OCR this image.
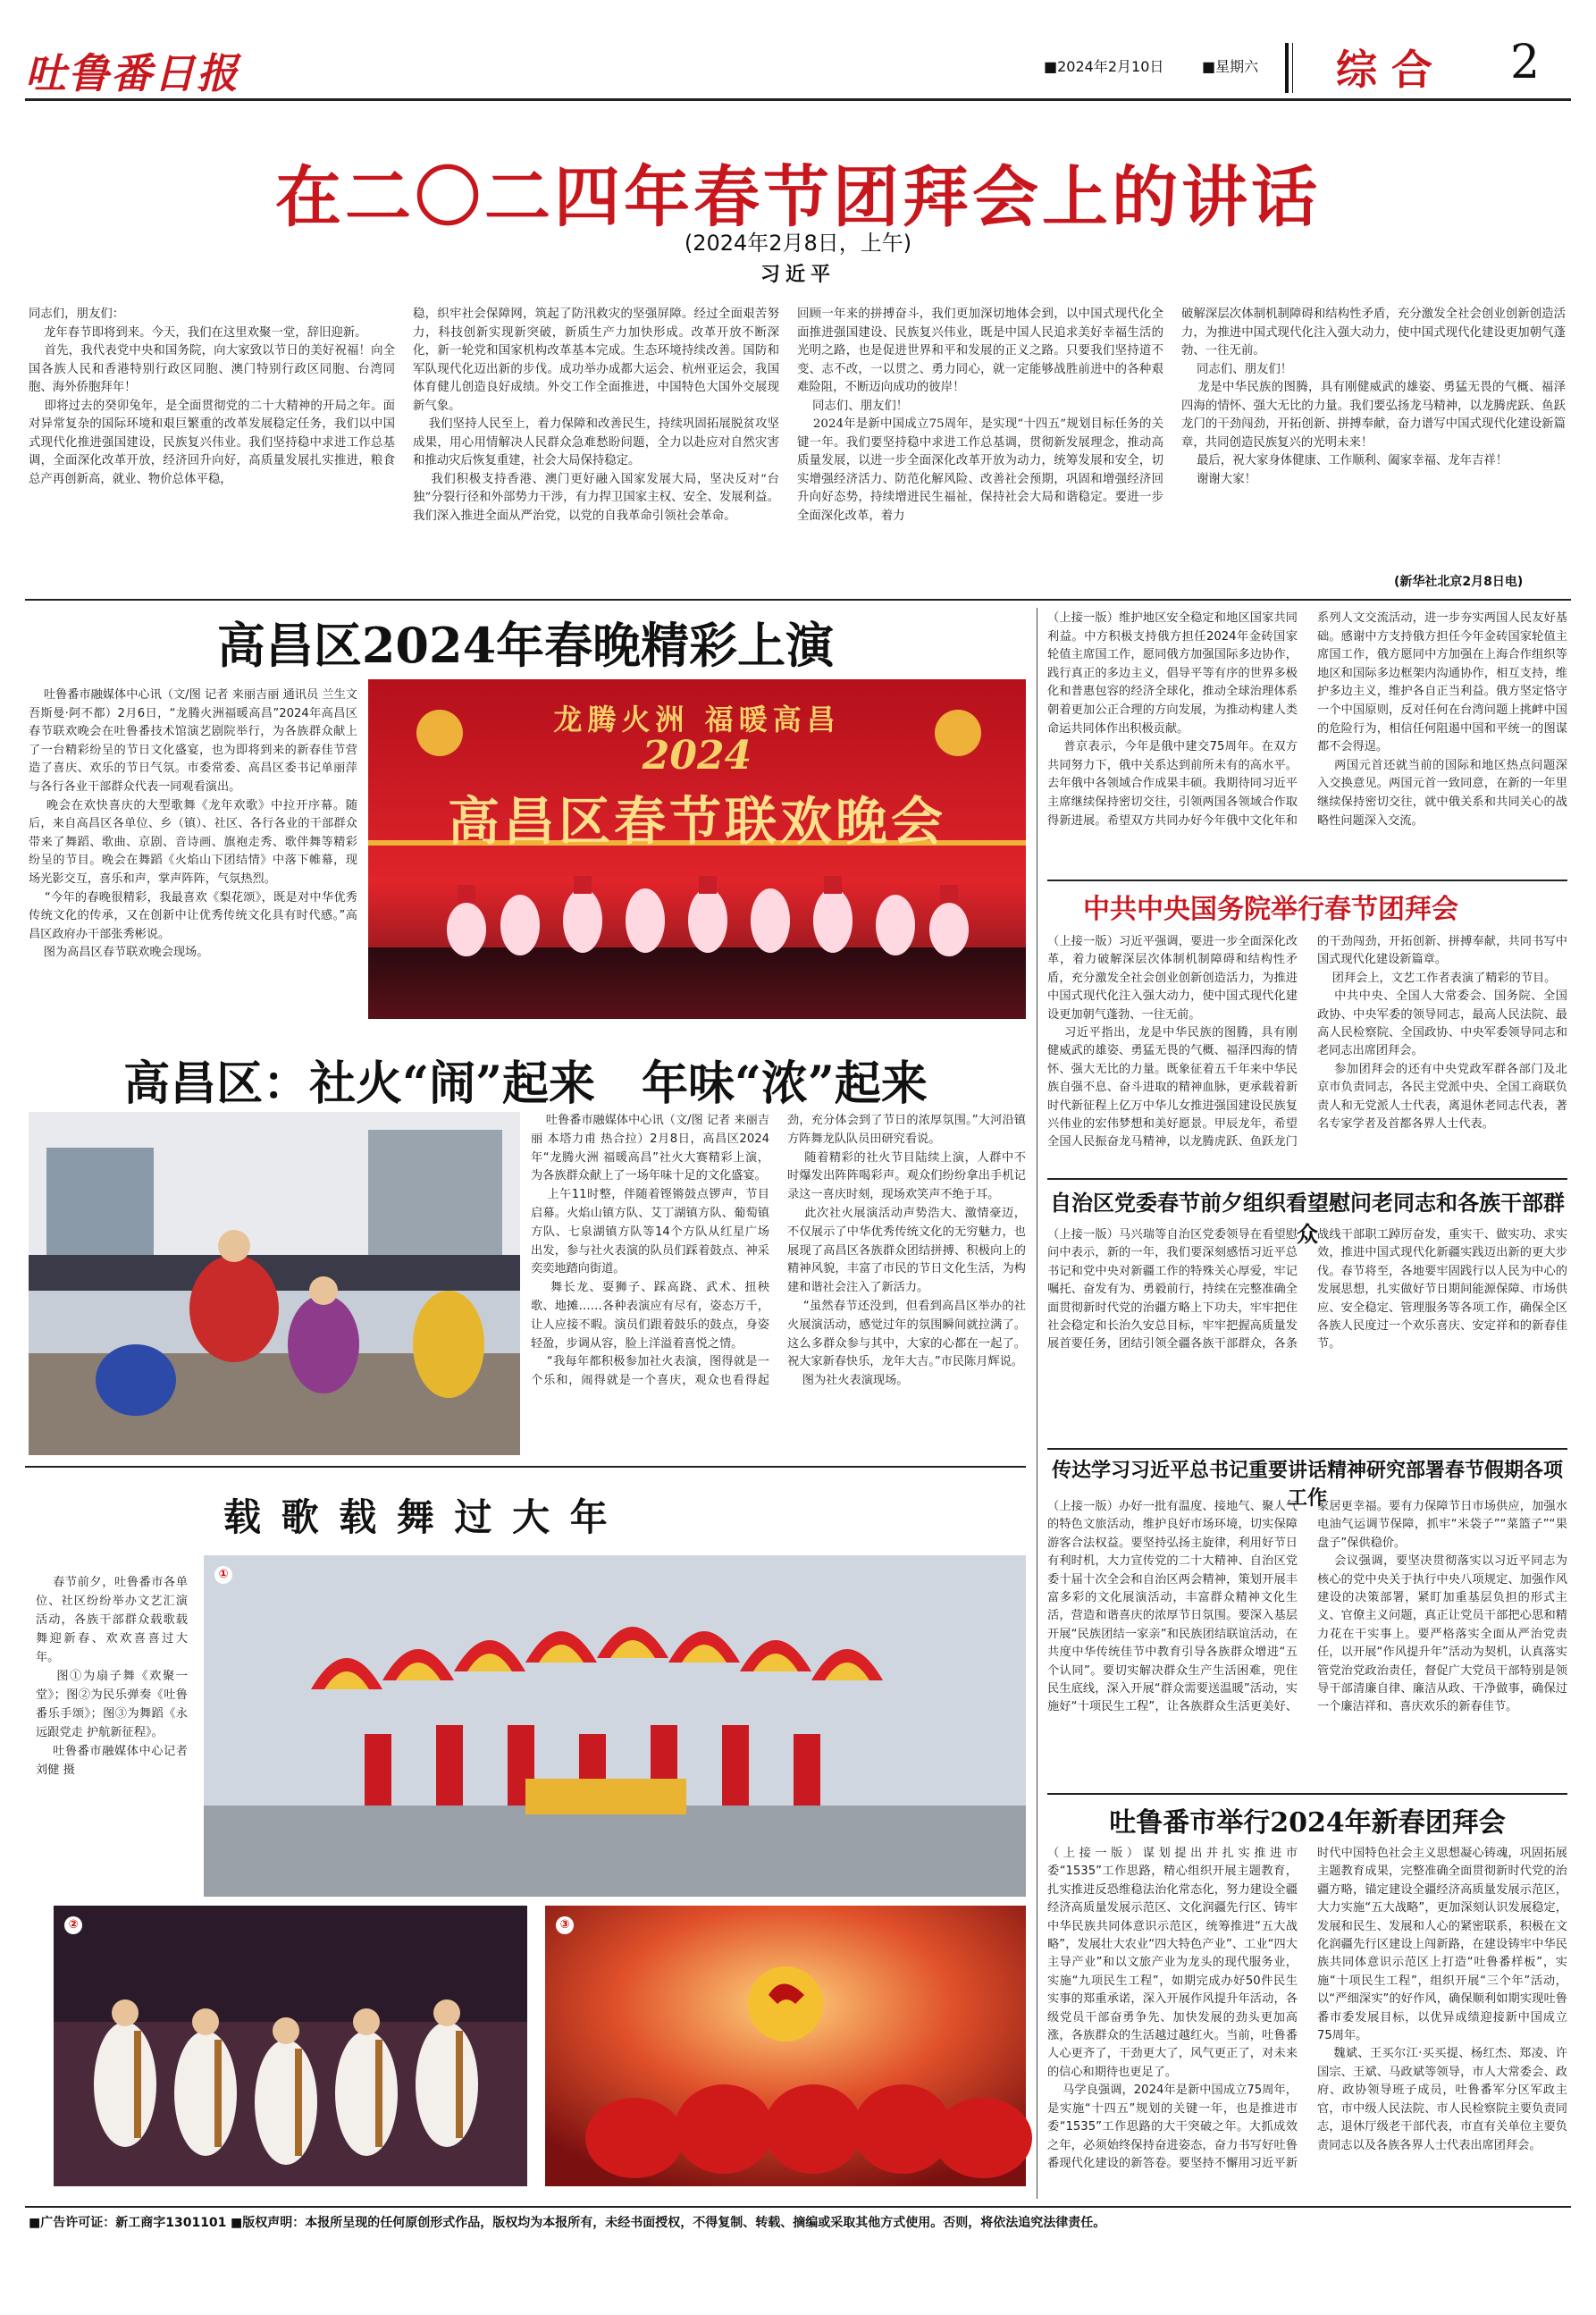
吐鲁番日报	■2024年2月10日	■星期六 综 合 2
在二〇二四年春节团拜会上的讲话
(2024年2月8日，上午)
习近平
同志们，朋友们：
龙年春节即将到来。今天，我们在这里欢聚一堂，辞旧迎新。
首先，我代表党中央和国务院，向大家致以节日的美好祝福！向全国各族人民和香港特别行政区同胞、澳门特别行政区同胞、台湾同胞、海外侨胞拜年！
即将过去的癸卯兔年，是全面贯彻党的二十大精神的开局之年。面对异常复杂的国际环境和艰巨繁重的改革发展稳定任务，我们以中国式现代化推进强国建设，民族复兴伟业。我们坚持稳中求进工作总基调，全面深化改革开放，经济回升向好，高质量发展扎实推进，粮食总产再创新高，就业、物价总体平稳，
稳，织牢社会保障网，筑起了防汛救灾的坚强屏障。经过全面艰苦努力，科技创新实现新突破，新质生产力加快形成。改革开放不断深化，新一轮党和国家机构改革基本完成。生态环境持续改善。国防和军队现代化迈出新的步伐。成功举办成都大运会、杭州亚运会，我国体育健儿创造良好成绩。外交工作全面推进，中国特色大国外交展现新气象。
我们坚持人民至上，着力保障和改善民生，持续巩固拓展脱贫攻坚成果，用心用情解决人民群众急难愁盼问题，全力以赴应对自然灾害和推动灾后恢复重建，社会大局保持稳定。
我们积极支持香港、澳门更好融入国家发展大局，坚决反对“台独”分裂行径和外部势力干涉，有力捍卫国家主权、安全、发展利益。我们深入推进全面从严治党，以党的自我革命引领社会革命。
回顾一年来的拼搏奋斗，我们更加深切地体会到，以中国式现代化全面推进强国建设、民族复兴伟业，既是中国人民追求美好幸福生活的光明之路，也是促进世界和平和发展的正义之路。只要我们坚持道不变、志不改，一以贯之、勇力同心，就一定能够战胜前进中的各种艰难险阻，不断迈向成功的彼岸！
同志们、朋友们！
2024年是新中国成立75周年，是实现“十四五”规划目标任务的关键一年。我们要坚持稳中求进工作总基调，贯彻新发展理念，推动高质量发展，以进一步全面深化改革开放为动力，统筹发展和安全，切实增强经济活力、防范化解风险、改善社会预期，巩固和增强经济回升向好态势，持续增进民生福祉，保持社会大局和谐稳定。要进一步全面深化改革，着力
破解深层次体制机制障碍和结构性矛盾，充分激发全社会创业创新创造活力，为推进中国式现代化注入强大动力，使中国式现代化建设更加朝气蓬勃、一往无前。
同志们、朋友们！
龙是中华民族的图腾，具有刚健威武的雄姿、勇猛无畏的气概、福泽四海的情怀、强大无比的力量。我们要弘扬龙马精神，以龙腾虎跃、鱼跃龙门的干劲闯劲，开拓创新、拼搏奉献，奋力谱写中国式现代化建设新篇章，共同创造民族复兴的光明未来！
最后，祝大家身体健康、工作顺利、阖家幸福、龙年吉祥！
谢谢大家！
(新华社北京2月8日电)
高昌区2024年春晚精彩上演
吐鲁番市融媒体中心讯（文/图 记者 来丽吉丽 通讯员 兰生文 吾斯曼·阿不都）2月6日，“龙腾火洲福暖高昌”2024年高昌区春节联欢晚会在吐鲁番技术馆演艺剧院举行，为各族群众献上了一台精彩纷呈的节日文化盛宴，也为即将到来的新春佳节营造了喜庆、欢乐的节日气氛。市委常委、高昌区委书记单丽萍与各行各业干部群众代表一同观看演出。
晚会在欢快喜庆的大型歌舞《龙年欢歌》中拉开序幕。随后，来自高昌区各单位、乡（镇）、社区、各行各业的干部群众带来了舞蹈、歌曲、京剧、音诗画、旗袍走秀、歌伴舞等精彩纷呈的节目。晚会在舞蹈《火焰山下团结情》中落下帷幕，现场光影交互，喜乐和声，掌声阵阵，气氛热烈。
“今年的春晚很精彩，我最喜欢《梨花颂》，既是对中华优秀传统文化的传承，又在创新中让优秀传统文化具有时代感。”高昌区政府办干部张秀彬说。
图为高昌区春节联欢晚会现场。
龙腾火洲 福暖高昌
2024
高昌区春节联欢晚会
高昌区：社火“闹”起来　年味“浓”起来
吐鲁番市融媒体中心讯（文/图 记者 来丽吉丽 本塔力甫 热合拉）2月8日，高昌区2024年“龙腾火洲 福暖高昌”社火大赛精彩上演，为各族群众献上了一场年味十足的文化盛宴。
上午11时整，伴随着铿锵鼓点锣声，节目启幕。火焰山镇方队、艾丁湖镇方队、葡萄镇方队、七泉湖镇方队等14个方队从红星广场出发，参与社火表演的队员们踩着鼓点、神采奕奕地踏向街道。
舞长龙、耍狮子、踩高跷、武术、扭秧歌、地摊……各种表演应有尽有，姿态万千，让人应接不暇。演员们跟着鼓乐的鼓点，身姿轻盈，步调从容，脸上洋溢着喜悦之情。
“我每年都积极参加社火表演，图得就是一个乐和，闹得就是一个喜庆，观众也看得起劲，充分体会到了节日的浓厚氛围。”大河沿镇方阵舞龙队队员田研究看说。
随着精彩的社火节目陆续上演，人群中不时爆发出阵阵喝彩声。观众们纷纷拿出手机记录这一喜庆时刻，现场欢笑声不绝于耳。
此次社火展演活动声势浩大、激情豪迈，不仅展示了中华优秀传统文化的无穷魅力，也展现了高昌区各族群众团结拼搏、积极向上的精神风貌，丰富了市民的节日文化生活，为构建和谐社会注入了新活力。
“虽然春节还没到，但看到高昌区举办的社火展演活动，感觉过年的氛围瞬间就拉满了。这么多群众参与其中，大家的心都在一起了。祝大家新春快乐，龙年大吉。”市民陈月辉说。
图为社火表演现场。
载 歌 载 舞 过 大 年
春节前夕，吐鲁番市各单位、社区纷纷举办文艺汇演活动，各族干部群众载歌载舞迎新春、欢欢喜喜过大年。
图①为扇子舞《欢聚一堂》；图②为民乐弹奏《吐鲁番乐手颂》；图③为舞蹈《永远跟党走 护航新征程》。
吐鲁番市融媒体中心记者 刘健 摄
①
②	③
（上接一版）维护地区安全稳定和地区国家共同利益。中方积极支持俄方担任2024年金砖国家轮值主席国工作，愿同俄方加强国际多边协作，践行真正的多边主义，倡导平等有序的世界多极化和普惠包容的经济全球化，推动全球治理体系朝着更加公正合理的方向发展，为推动构建人类命运共同体作出积极贡献。
普京表示，今年是俄中建交75周年。在双方共同努力下，俄中关系达到前所未有的高水平。去年俄中各领域合作成果丰硕。我期待同习近平主席继续保持密切交往，引领两国各领域合作取得新进展。希望双方共同办好今年俄中文化年和系列人文交流活动，进一步夯实两国人民友好基础。感谢中方支持俄方担任今年金砖国家轮值主席国工作，俄方愿同中方加强在上海合作组织等地区和国际多边框架内沟通协作，相互支持，维护多边主义，维护各自正当利益。俄方坚定恪守一个中国原则，反对任何在台湾问题上挑衅中国的危险行为，相信任何阻遏中国和平统一的图谋都不会得逞。
两国元首还就当前的国际和地区热点问题深入交换意见。两国元首一致同意，在新的一年里继续保持密切交往，就中俄关系和共同关心的战略性问题深入交流。
中共中央国务院举行春节团拜会
（上接一版）习近平强调，要进一步全面深化改革，着力破解深层次体制机制障碍和结构性矛盾，充分激发全社会创业创新创造活力，为推进中国式现代化注入强大动力，使中国式现代化建设更加朝气蓬勃、一往无前。
习近平指出，龙是中华民族的图腾，具有刚健威武的雄姿、勇猛无畏的气概、福泽四海的情怀、强大无比的力量。既象征着五千年来中华民族自强不息、奋斗进取的精神血脉，更承载着新时代新征程上亿万中华儿女推进强国建设民族复兴伟业的宏伟梦想和美好愿景。甲辰龙年，希望全国人民振奋龙马精神，以龙腾虎跃、鱼跃龙门的干劲闯劲，开拓创新、拼搏奉献，共同书写中国式现代化建设新篇章。
团拜会上，文艺工作者表演了精彩的节目。
中共中央、全国人大常委会、国务院、全国政协、中央军委的领导同志，最高人民法院、最高人民检察院、全国政协、中央军委领导同志和老同志出席团拜会。
参加团拜会的还有中央党政军群各部门及北京市负责同志，各民主党派中央、全国工商联负责人和无党派人士代表，离退休老同志代表，著名专家学者及首都各界人士代表。
自治区党委春节前夕组织看望慰问老同志和各族干部群众
（上接一版）马兴瑞等自治区党委领导在看望慰问中表示，新的一年，我们要深刻感悟习近平总书记和党中央对新疆工作的特殊关心厚爱，牢记嘱托、奋发有为、勇毅前行，持续在完整准确全面贯彻新时代党的治疆方略上下功夫，牢牢把住社会稳定和长治久安总目标，牢牢把握高质量发展首要任务，团结引领全疆各族干部群众，各条战线干部职工踔厉奋发，重实干、做实功、求实效，推进中国式现代化新疆实践迈出新的更大步伐。春节将至，各地要牢固践行以人民为中心的发展思想，扎实做好节日期间能源保障、市场供应、安全稳定、管理服务等各项工作，确保全区各族人民度过一个欢乐喜庆、安定祥和的新春佳节。
传达学习习近平总书记重要讲话精神研究部署春节假期各项工作
（上接一版）办好一批有温度、接地气、聚人气的特色文旅活动，维护良好市场环境，切实保障游客合法权益。要坚持弘扬主旋律，利用好节日有利时机，大力宣传党的二十大精神、自治区党委十届十次全会和自治区两会精神，策划开展丰富多彩的文化展演活动，丰富群众精神文化生活，营造和谐喜庆的浓厚节日氛围。要深入基层开展“民族团结一家亲”和民族团结联谊活动，在共度中华传统佳节中教育引导各族群众增进“五个认同”。要切实解决群众生产生活困难，兜住民生底线，深入开展“群众需要送温暖”活动，实施好“十项民生工程”，让各族群众生活更美好、家居更幸福。要有力保障节日市场供应，加强水电油气运调节保障，抓牢“米袋子”“菜篮子”“果盘子”保供稳价。
会议强调，要坚决贯彻落实以习近平同志为核心的党中央关于执行中央八项规定、加强作风建设的决策部署，紧盯加重基层负担的形式主义、官僚主义问题，真正让党员干部把心思和精力花在干实事上。要严格落实全面从严治党责任，以开展“作风提升年”活动为契机，认真落实管党治党政治责任，督促广大党员干部特别是领导干部清廉自律、廉洁从政、干净做事，确保过一个廉洁祥和、喜庆欢乐的新春佳节。
吐鲁番市举行2024年新春团拜会
（上接一版）谋划提出并扎实推进市委“1535”工作思路，精心组织开展主题教育，扎实推进反恐维稳法治化常态化，努力建设全疆经济高质量发展示范区、文化润疆先行区、铸牢中华民族共同体意识示范区，统筹推进“五大战略”，发展壮大农业“四大特色产业”、工业“四大主导产业”和以文旅产业为龙头的现代服务业，实施“九项民生工程”，如期完成办好50件民生实事的郑重承诺，深入开展作风提升年活动，各级党员干部奋勇争先、加快发展的劲头更加高涨，各族群众的生活越过越红火。当前，吐鲁番人心更齐了，干劲更大了，风气更正了，对未来的信心和期待也更足了。
马学良强调，2024年是新中国成立75周年，是实施“十四五”规划的关键一年，也是推进市委“1535”工作思路的大干突破之年。大抓成效之年，必须始终保持奋进姿态，奋力书写好吐鲁番现代化建设的新答卷。要坚持不懈用习近平新时代中国特色社会主义思想凝心铸魂，巩固拓展主题教育成果，完整准确全面贯彻新时代党的治疆方略，锚定建设全疆经济高质量发展示范区，大力实施“五大战略”，更加深刻认识发展稳定，发展和民生、发展和人心的紧密联系，积极在文化润疆先行区建设上闯新路，在建设铸牢中华民族共同体意识示范区上打造“吐鲁番样板”，实施“十项民生工程”，组织开展“三个年”活动，以“严细深实”的好作风，确保顺利如期实现吐鲁番市委发展目标，以优异成绩迎接新中国成立75周年。
魏斌、王买尔江·买买提、杨红杰、郑凌、许国宗、王斌、马政斌等领导，市人大常委会、政府、政协领导班子成员，吐鲁番军分区军政主官，市中级人民法院、市人民检察院主要负责同志，退休厅级老干部代表，市直有关单位主要负责同志以及各族各界人士代表出席团拜会。
■广告许可证：新工商字1301101 ■版权声明：本报所呈现的任何原创形式作品，版权均为本报所有，未经书面授权，不得复制、转载、摘编或采取其他方式使用。否则，将依法追究法律责任。
